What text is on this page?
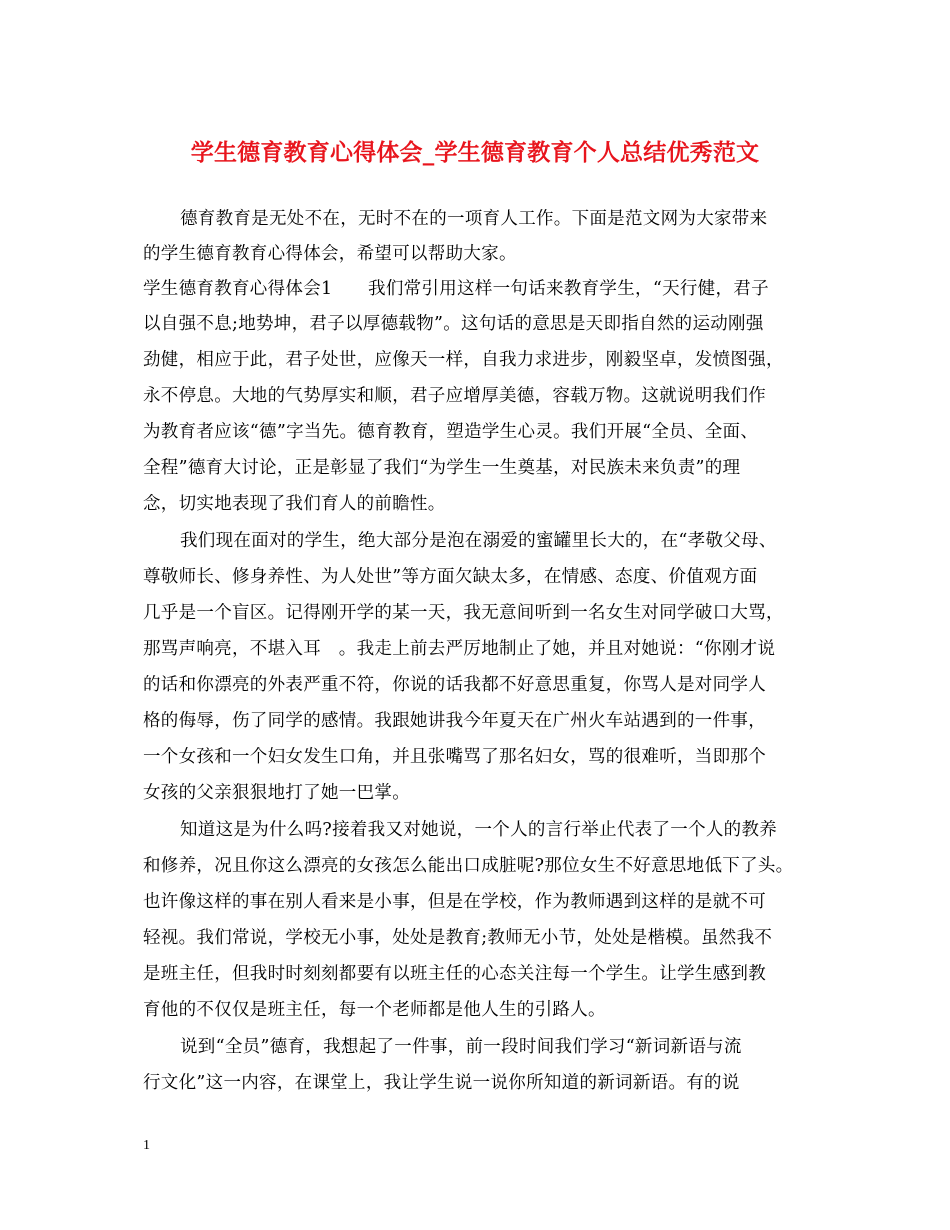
学生德育教育心得体会_学生德育教育个人总结优秀范文
德育教育是无处不在，无时不在的一项育人工作。下面是范文网为大家带来
的学生德育教育心得体会，希望可以帮助大家。
学生德育教育心得体会1　　我们常引用这样一句话来教育学生，“天行健，君子
以自强不息;地势坤，君子以厚德载物”。这句话的意思是天即指自然的运动刚强
劲健，相应于此，君子处世，应像天一样，自我力求进步，刚毅坚卓，发愤图强，
永不停息。大地的气势厚实和顺，君子应增厚美德，容载万物。这就说明我们作
为教育者应该“德”字当先。德育教育，塑造学生心灵。我们开展“全员、全面、
全程”德育大讨论，正是彰显了我们“为学生一生奠基，对民族未来负责”的理
念，切实地表现了我们育人的前瞻性。
我们现在面对的学生，绝大部分是泡在溺爱的蜜罐里长大的，在“孝敬父母、
尊敬师长、修身养性、为人处世”等方面欠缺太多，在情感、态度、价值观方面
几乎是一个盲区。记得刚开学的某一天，我无意间听到一名女生对同学破口大骂，
那骂声响亮，不堪入耳　。我走上前去严厉地制止了她，并且对她说：“你刚才说
的话和你漂亮的外表严重不符，你说的话我都不好意思重复，你骂人是对同学人
格的侮辱，伤了同学的感情。我跟她讲我今年夏天在广州火车站遇到的一件事，
一个女孩和一个妇女发生口角，并且张嘴骂了那名妇女，骂的很难听，当即那个
女孩的父亲狠狠地打了她一巴掌。
知道这是为什么吗?接着我又对她说，一个人的言行举止代表了一个人的教养
和修养，况且你这么漂亮的女孩怎么能出口成脏呢?那位女生不好意思地低下了头。
也许像这样的事在别人看来是小事，但是在学校，作为教师遇到这样的是就不可
轻视。我们常说，学校无小事，处处是教育;教师无小节，处处是楷模。虽然我不
是班主任，但我时时刻刻都要有以班主任的心态关注每一个学生。让学生感到教
育他的不仅仅是班主任，每一个老师都是他人生的引路人。
说到“全员”德育，我想起了一件事，前一段时间我们学习“新词新语与流
行文化”这一内容，在课堂上，我让学生说一说你所知道的新词新语。有的说
1
